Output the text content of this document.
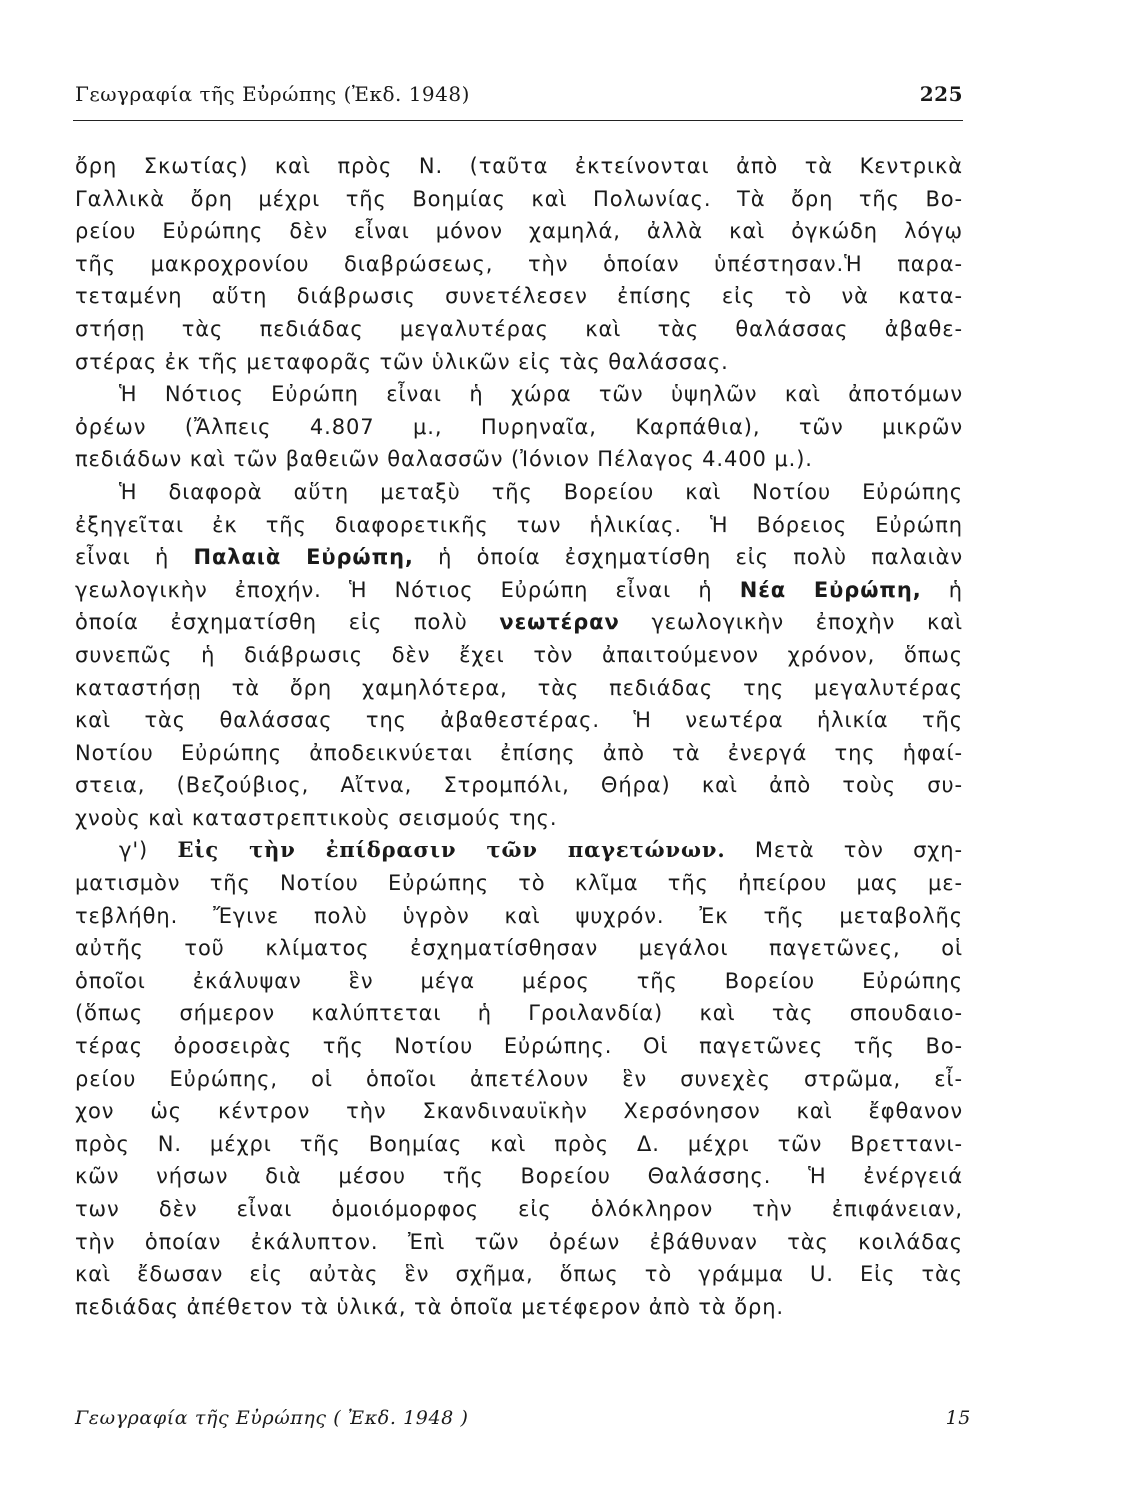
Γεωγραφία τῆς Εὐρώπης (Ἐκδ. 1948)	225
ὄρη Σκωτίας) καὶ πρὸς Ν. (ταῦτα ἐκτείνονται ἀπὸ τὰ Κεντρικὰ
Γαλλικὰ ὄρη μέχρι τῆς Βοημίας καὶ Πολωνίας. Τὰ ὄρη τῆς Βο-
ρείου Εὐρώπης δὲν εἶναι μόνον χαμηλά, ἀλλὰ καὶ ὀγκώδη λόγῳ
τῆς μακροχρονίου διαβρώσεως, τὴν ὁποίαν ὑπέστησαν.Ἡ παρα-
τεταμένη αὕτη διάβρωσις συνετέλεσεν ἐπίσης εἰς τὸ νὰ κατα-
στήσῃ τὰς πεδιάδας μεγαλυτέρας καὶ τὰς θαλάσσας ἀβαθε-
στέρας ἐκ τῆς μεταφορᾶς τῶν ὑλικῶν εἰς τὰς θαλάσσας.
Ἡ Νότιος Εὐρώπη εἶναι ἡ χώρα τῶν ὑψηλῶν καὶ ἀποτόμων
ὀρέων (Ἄλπεις 4.807 μ., Πυρηναῖα, Καρπάθια), τῶν μικρῶν
πεδιάδων καὶ τῶν βαθειῶν θαλασσῶν (Ἰόνιον Πέλαγος 4.400 μ.).
Ἡ διαφορὰ αὕτη μεταξὺ τῆς Βορείου καὶ Νοτίου Εὐρώπης
ἐξηγεῖται ἐκ τῆς διαφορετικῆς των ἡλικίας. Ἡ Βόρειος Εὐρώπη
εἶναι ἡ Παλαιὰ Εὐρώπη, ἡ ὁποία ἐσχηματίσθη εἰς πολὺ παλαιὰν
γεωλογικὴν ἐποχήν. Ἡ Νότιος Εὐρώπη εἶναι ἡ Νέα Εὐρώπη, ἡ
ὁποία ἐσχηματίσθη εἰς πολὺ νεωτέραν γεωλογικὴν ἐποχὴν καὶ
συνεπῶς ἡ διάβρωσις δὲν ἔχει τὸν ἀπαιτούμενον χρόνον, ὅπως
καταστήσῃ τὰ ὄρη χαμηλότερα, τὰς πεδιάδας της μεγαλυτέρας
καὶ τὰς θαλάσσας της ἀβαθεστέρας. Ἡ νεωτέρα ἡλικία τῆς
Νοτίου Εὐρώπης ἀποδεικνύεται ἐπίσης ἀπὸ τὰ ἐνεργά της ἡφαί-
στεια, (Βεζούβιος, Αἴτνα, Στρομπόλι, Θήρα) καὶ ἀπὸ τοὺς συ-
χνοὺς καὶ καταστρεπτικοὺς σεισμούς της.
γ') Εἰς τὴν ἐπίδρασιν τῶν παγετώνων. Μετὰ τὸν σχη-
ματισμὸν τῆς Νοτίου Εὐρώπης τὸ κλῖμα τῆς ἠπείρου μας με-
τεβλήθη. Ἔγινε πολὺ ὑγρὸν καὶ ψυχρόν. Ἐκ τῆς μεταβολῆς
αὐτῆς τοῦ κλίματος ἐσχηματίσθησαν μεγάλοι παγετῶνες, οἱ
ὁποῖοι ἐκάλυψαν ἓν μέγα μέρος τῆς Βορείου Εὐρώπης
(ὅπως σήμερον καλύπτεται ἡ Γροιλανδία) καὶ τὰς σπουδαιο-
τέρας ὀροσειρὰς τῆς Νοτίου Εὐρώπης. Οἱ παγετῶνες τῆς Βο-
ρείου Εὐρώπης, οἱ ὁποῖοι ἀπετέλουν ἓν συνεχὲς στρῶμα, εἶ-
χον ὡς κέντρον τὴν Σκανδιναυϊκὴν Χερσόνησον καὶ ἔφθανον
πρὸς Ν. μέχρι τῆς Βοημίας καὶ πρὸς Δ. μέχρι τῶν Βρεττανι-
κῶν νήσων διὰ μέσου τῆς Βορείου Θαλάσσης. Ἡ ἐνέργειά
των δὲν εἶναι ὁμοιόμορφος εἰς ὁλόκληρον τὴν ἐπιφάνειαν,
τὴν ὁποίαν ἐκάλυπτον. Ἐπὶ τῶν ὀρέων ἐβάθυναν τὰς κοιλάδας
καὶ ἔδωσαν εἰς αὐτὰς ἓν σχῆμα, ὅπως τὸ γράμμα U. Εἰς τὰς
πεδιάδας ἀπέθετον τὰ ὑλικά, τὰ ὁποῖα μετέφερον ἀπὸ τὰ ὄρη.
Γεωγραφία τῆς Εὐρώπης ( Ἐκδ. 1948 )	15
